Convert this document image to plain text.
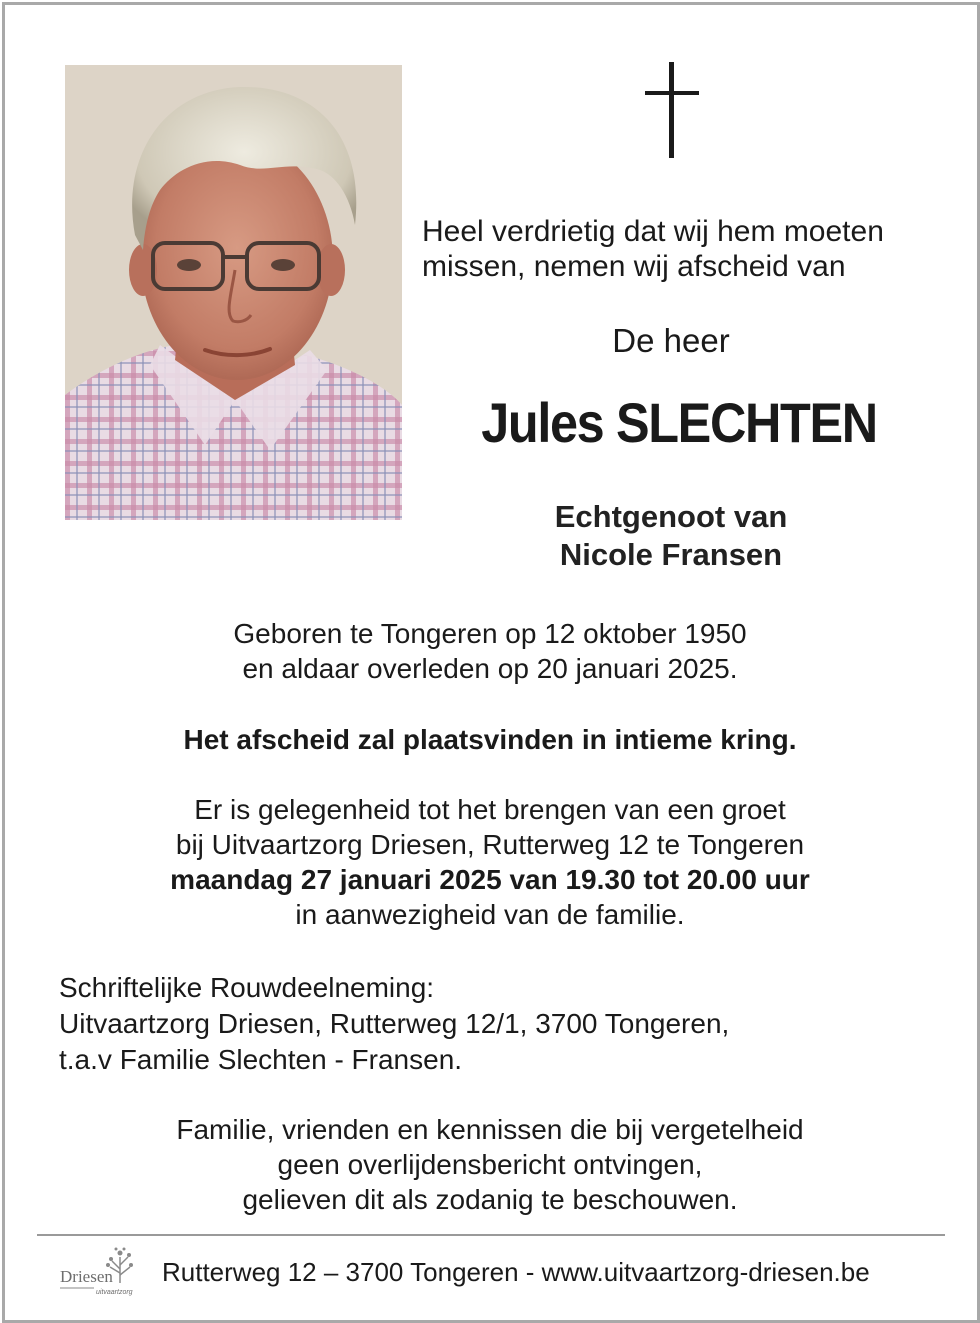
Heel verdrietig dat wij hem moeten
missen, nemen wij afscheid van
De heer
Jules SLECHTEN
Echtgenoot van
Nicole Fransen
Geboren te Tongeren op 12 oktober 1950
en aldaar overleden op 20 januari 2025.
Het afscheid zal plaatsvinden in intieme kring.
Er is gelegenheid tot het brengen van een groet
bij Uitvaartzorg Driesen, Rutterweg 12 te Tongeren
maandag 27 januari 2025 van 19.30 tot 20.00 uur
in aanwezigheid van de familie.
Schriftelijke Rouwdeelneming:
Uitvaartzorg Driesen, Rutterweg 12/1, 3700 Tongeren,
t.a.v Familie Slechten - Fransen.
Familie, vrienden en kennissen die bij vergetelheid
geen overlijdensbericht ontvingen,
gelieven dit als zodanig te beschouwen.
Driesen
uitvaartzorg
Rutterweg 12 – 3700 Tongeren - www.uitvaartzorg-driesen.be
